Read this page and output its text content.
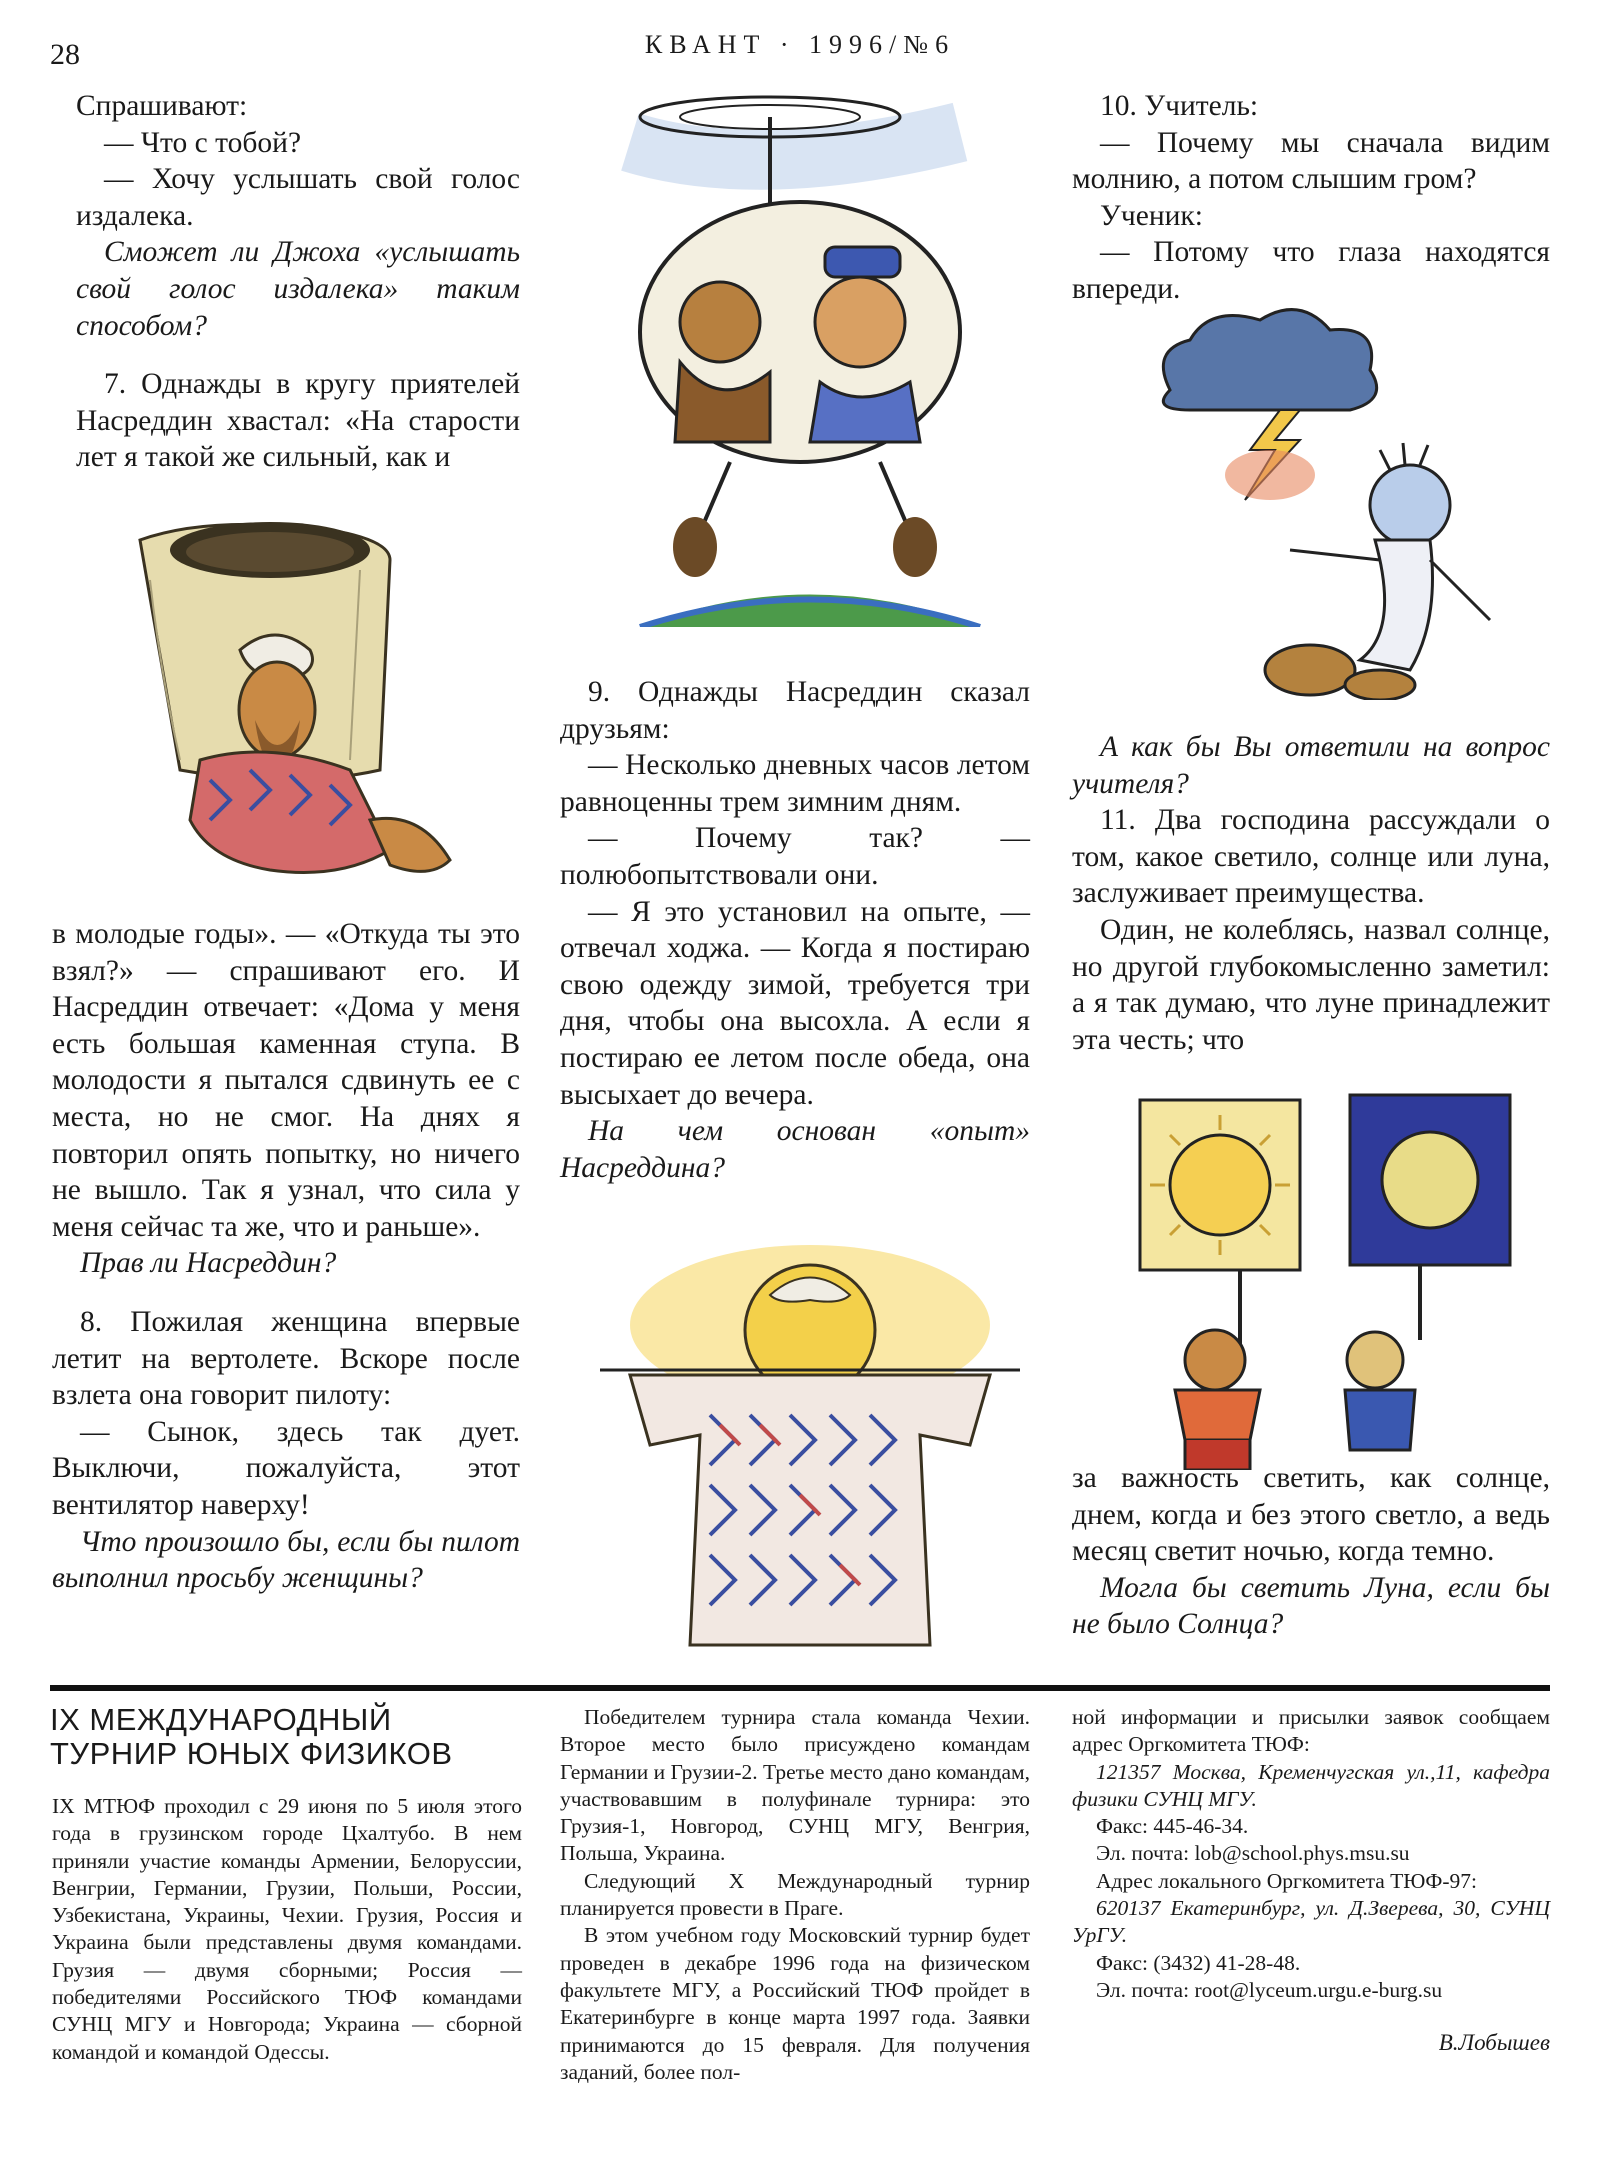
28	КВАНТ · 1996/№6

Спрашивают:

— Что с тобой?

— Хочу услышать свой голос издалека.

Сможет ли Джоха «услышать свой голос издалека» таким способом?

7. Однажды в кругу приятелей Насреддин хвастал: «На старости лет я такой же сильный, как и

в молодые годы». — «Откуда ты это взял?» — спрашивают его. И Насреддин отвечает: «Дома у меня есть большая каменная ступа. В молодости я пытался сдвинуть ее с места, но не смог. На днях я повторил опять попытку, но ничего не вышло. Так я узнал, что сила у меня сейчас та же, что и раньше».

Прав ли Насреддин?

8. Пожилая женщина впервые летит на вертолете. Вскоре после взлета она говорит пилоту:

— Сынок, здесь так дует. Выключи, пожалуйста, этот вентилятор наверху!

Что произошло бы, если бы пилот выполнил просьбу женщины?

9. Однажды Насреддин сказал друзьям:

— Несколько дневных часов летом равноценны трем зимним дням.

— Почему так? — полюбопытствовали они.

— Я это установил на опыте, — отвечал ходжа. — Когда я постираю свою одежду зимой, требуется три дня, чтобы она высохла. А если я постираю ее летом после обеда, она высыхает до вечера.

На чем основан «опыт» Насреддина?

10. Учитель:

— Почему мы сначала видим молнию, а потом слышим гром?

Ученик:

— Потому что глаза находятся впереди.

А как бы Вы ответили на вопрос учителя?

11. Два господина рассуждали о том, какое светило, солнце или луна, заслуживает преимущества.

Один, не колеблясь, назвал солнце, но другой глубокомысленно заметил: а я так думаю, что луне принадлежит эта честь; что

за важность светить, как солнце, днем, когда и без этого светло, а ведь месяц светит ночью, когда темно.

Могла бы светить Луна, если бы не было Солнца?

IX МЕЖДУНАРОДНЫЙ
ТУРНИР ЮНЫХ ФИЗИКОВ

IX МТЮФ проходил с 29 июня по 5 июля этого года в грузинском городе Цхалтубо. В нем приняли участие команды Армении, Белоруссии, Венгрии, Германии, Грузии, Польши, России, Узбекистана, Украины, Чехии. Грузия, Россия и Украина были представлены двумя командами. Грузия — двумя сборными; Россия — победителями Российского ТЮФ командами СУНЦ МГУ и Новгорода; Украина — сборной командой и командой Одессы.

Победителем турнира стала команда Чехии. Второе место было присуждено командам Германии и Грузии-2. Третье место дано командам, участвовавшим в полуфинале турнира: это Грузия-1, Новгород, СУНЦ МГУ, Венгрия, Польша, Украина.

Следующий X Международный турнир планируется провести в Праге.

В этом учебном году Московский турнир будет проведен в декабре 1996 года на физическом факультете МГУ, а Российский ТЮФ пройдет в Екатеринбурге в конце марта 1997 года. Заявки принимаются до 15 февраля. Для получения заданий, более пол-

ной информации и присылки заявок сообщаем адрес Оргкомитета ТЮФ:

121357 Москва, Кременчугская ул.,11, кафедра физики СУНЦ МГУ.

Факс: 445-46-34.

Эл. почта: lob@school.phys.msu.su

Адрес локального Оргкомитета ТЮФ-97:

620137 Екатеринбург, ул. Д.Зверева, 30, СУНЦ УрГУ.

Факс: (3432) 41-28-48.

Эл. почта: root@lyceum.urgu.e-burg.su

В.Лобышев
